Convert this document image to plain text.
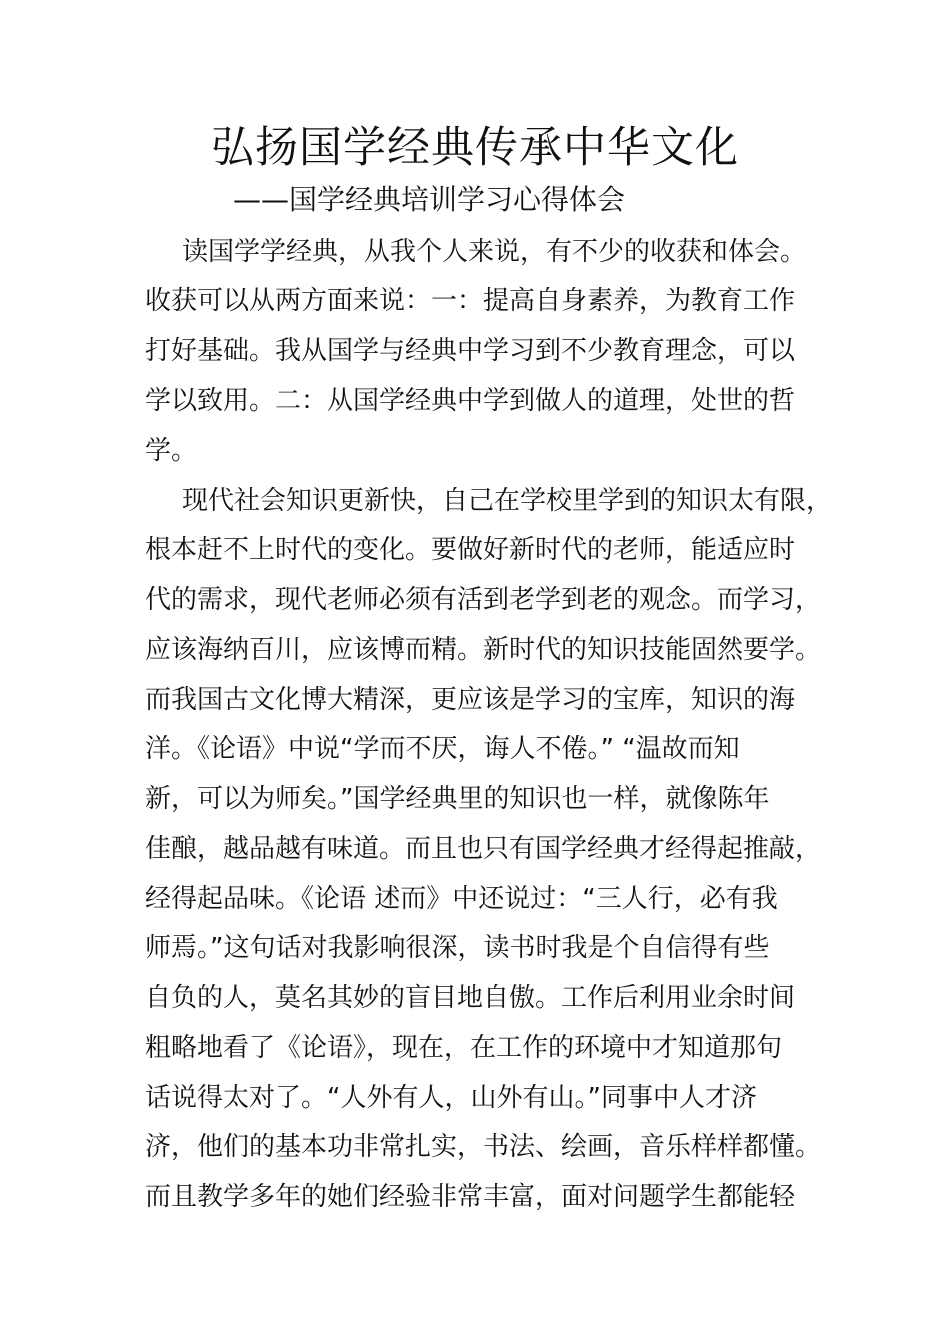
弘扬国学经典传承中华文化
——国学经典培训学习心得体会
读国学学经典，从我个人来说，有不少的收获和体会。
收获可以从两方面来说：一：提高自身素养，为教育工作
打好基础。我从国学与经典中学习到不少教育理念，可以
学以致用。二：从国学经典中学到做人的道理，处世的哲
学。
现代社会知识更新快，自己在学校里学到的知识太有限，
根本赶不上时代的变化。要做好新时代的老师，能适应时
代的需求，现代老师必须有活到老学到老的观念。而学习，
应该海纳百川，应该博而精。新时代的知识技能固然要学。
而我国古文化博大精深，更应该是学习的宝库，知识的海
洋。《论语》中说“学而不厌，诲人不倦。” “温故而知
新，可以为师矣。”国学经典里的知识也一样，就像陈年
佳酿，越品越有味道。而且也只有国学经典才经得起推敲，
经得起品味。《论语 述而》中还说过：“三人行，必有我
师焉。”这句话对我影响很深，读书时我是个自信得有些
自负的人，莫名其妙的盲目地自傲。工作后利用业余时间
粗略地看了《论语》，现在，在工作的环境中才知道那句
话说得太对了。“人外有人，山外有山。”同事中人才济
济，他们的基本功非常扎实，书法、绘画，音乐样样都懂。
而且教学多年的她们经验非常丰富，面对问题学生都能轻
